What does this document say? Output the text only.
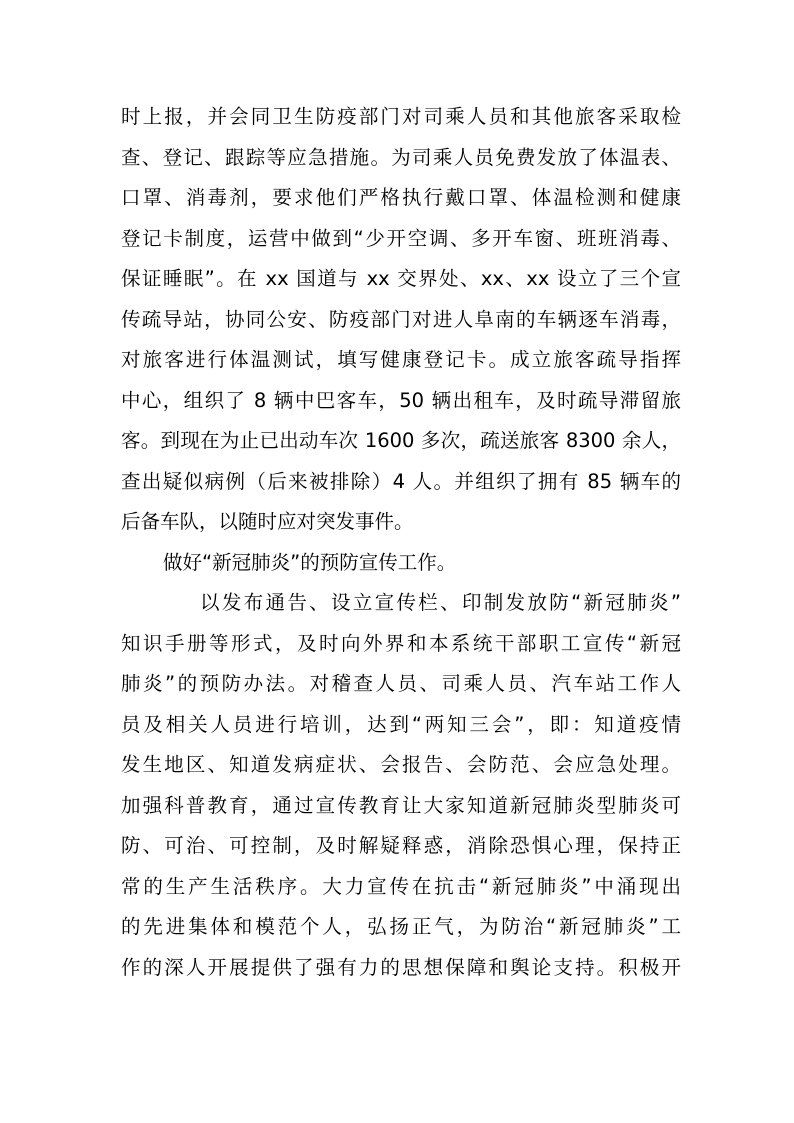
时上报，并会同卫生防疫部门对司乘人员和其他旅客采取检
查、登记、跟踪等应急措施。为司乘人员免费发放了体温表、
口罩、消毒剂，要求他们严格执行戴口罩、体温检测和健康
登记卡制度，运营中做到“少开空调、多开车窗、班班消毒、
保证睡眠”。在 xx 国道与 xx 交界处、xx、xx 设立了三个宣
传疏导站，协同公安、防疫部门对进人阜南的车辆逐车消毒，
对旅客进行体温测试，填写健康登记卡。成立旅客疏导指挥
中心，组织了 8 辆中巴客车，50 辆出租车，及时疏导滞留旅
客。到现在为止已出动车次 1600 多次，疏送旅客 8300 余人，
查出疑似病例（后来被排除）4 人。并组织了拥有 85 辆车的
后备车队，以随时应对突发事件。
做好“新冠肺炎”的预防宣传工作。
以发布通告、设立宣传栏、印制发放防“新冠肺炎”
知识手册等形式，及时向外界和本系统干部职工宣传“新冠
肺炎”的预防办法。对稽查人员、司乘人员、汽车站工作人
员及相关人员进行培训，达到“两知三会”，即：知道疫情
发生地区、知道发病症状、会报告、会防范、会应急处理。
加强科普教育，通过宣传教育让大家知道新冠肺炎型肺炎可
防、可治、可控制，及时解疑释惑，消除恐惧心理，保持正
常的生产生活秩序。大力宣传在抗击“新冠肺炎”中涌现出
的先进集体和模范个人，弘扬正气，为防治“新冠肺炎”工
作的深人开展提供了强有力的思想保障和舆论支持。积极开
